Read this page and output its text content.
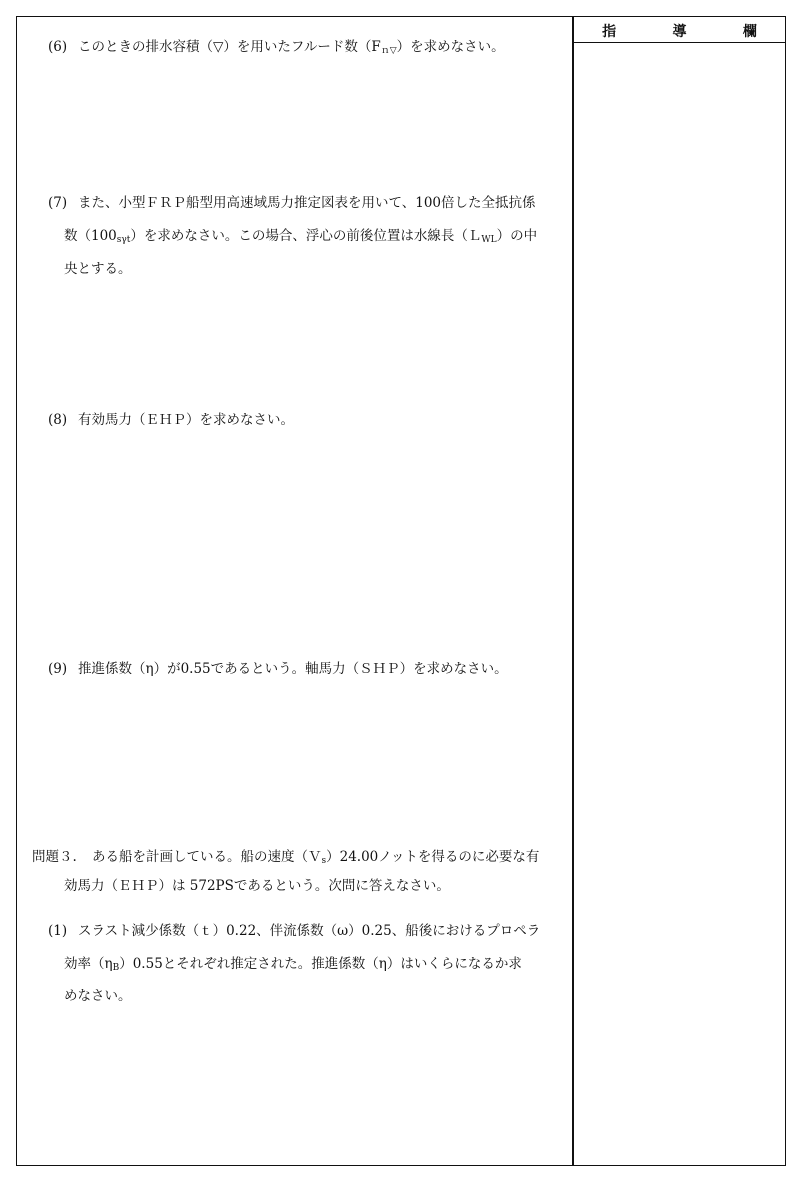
指	導	欄
(6) このときの排水容積（▽）を用いたフルード数$(F_{n▽})$を求めなさい。
(7) また、小型ＦＲＰ船型用高速域馬力推定図表を用いて、100倍した全抵抗係
数$(100_{s\gamma t})$を求めなさい。この場合、浮心の前後位置は水線長（Ｌ$_{WL}$）の中
央とする。
(8) 有効馬力（ＥＨＰ）を求めなさい。
(9) 推進係数（η）が0.55であるという。軸馬力（ＳＨＰ）を求めなさい。
問題３. ある船を計画している。船の速度（Ｖ$_s$）24.00ノットを得るのに必要な有
効馬力（ＥＨＰ）は 572PSであるという。次問に答えなさい。
(1) スラスト減少係数（ｔ）0.22、伴流係数（ω）0.25、船後におけるプロペラ
効率$(\eta_B)0.55$とそれぞれ推定された。推進係数（η）はいくらになるか求
めなさい。
